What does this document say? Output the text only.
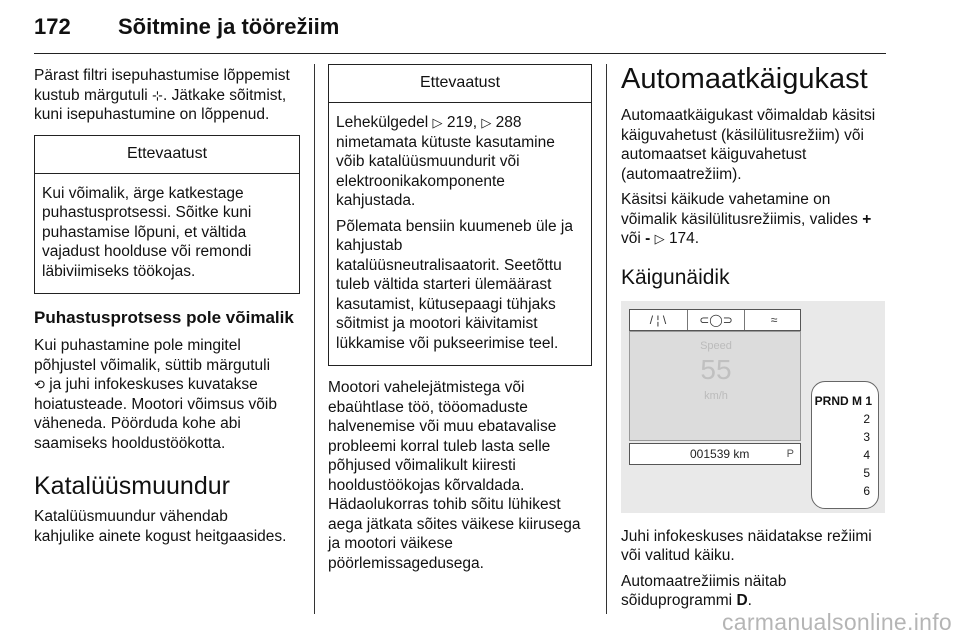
172 Sõitmine ja töörežiim

Pärast filtri isepuhastumise lõppemist
kustub märgutuli ⊹. Jätkake sõitmist,
kuni isepuhastumine on lõppenud.

Ettevaatust

Kui võimalik, ärge katkestage
puhastusprotsessi. Sõitke kuni
puhastamise lõpuni, et vältida
vajadust hoolduse või remondi
läbiviimiseks töökojas.

Puhastusprotsess pole võimalik

Kui puhastamine pole mingitel
põhjustel võimalik, süttib märgutuli
⟲ ja juhi infokeskuses kuvatakse
hoiatusteade. Mootori võimsus võib
väheneda. Pöörduda kohe abi
saamiseks hooldustöökotta.

Katalüüsmuundur

Katalüüsmuundur vähendab
kahjulike ainete kogust heitgaasides.

Ettevaatust

Lehekülgedel ▷ 219, ▷ 288
nimetamata kütuste kasutamine
võib katalüüsmuundurit või
elektroonikakomponente
kahjustada.

Põlemata bensiin kuumeneb üle ja
kahjustab
katalüüsneutralisaatorit. Seetõttu
tuleb vältida starteri ülemäärast
kasutamist, kütusepaagi tühjaks
sõitmist ja mootori käivitamist
lükkamise või pukseerimise teel.

Mootori vahelejätmistega või
ebaühtlase töö, tööomaduste
halvenemise või muu ebatavalise
probleemi korral tuleb lasta selle
põhjused võimalikult kiiresti
hooldustöökojas kõrvaldada.
Hädaolukorras tohib sõitu lühikest
aega jätkata sõites väikese kiirusega
ja mootori väikese
pöörlemissagedusega.

Automaatkäigukast

Automaatkäigukast võimaldab käsitsi
käiguvahetust (käsilülitusrežiim) või
automaatset käiguvahetust
(automaatrežiim).

Käsitsi käikude vahetamine on
võimalik käsilülitusrežiimis, valides +
või - ▷ 174.

Käigunäidik
/ ¦ \	⊂◯⊃	≈
Speed
55
km/h
001539 km	P
PRND M 1
2
3
4
5
6

Juhi infokeskuses näidatakse režiimi
või valitud käiku.

Automaatrežiimis näitab
sõiduprogrammi D.

carmanualsonline.info
